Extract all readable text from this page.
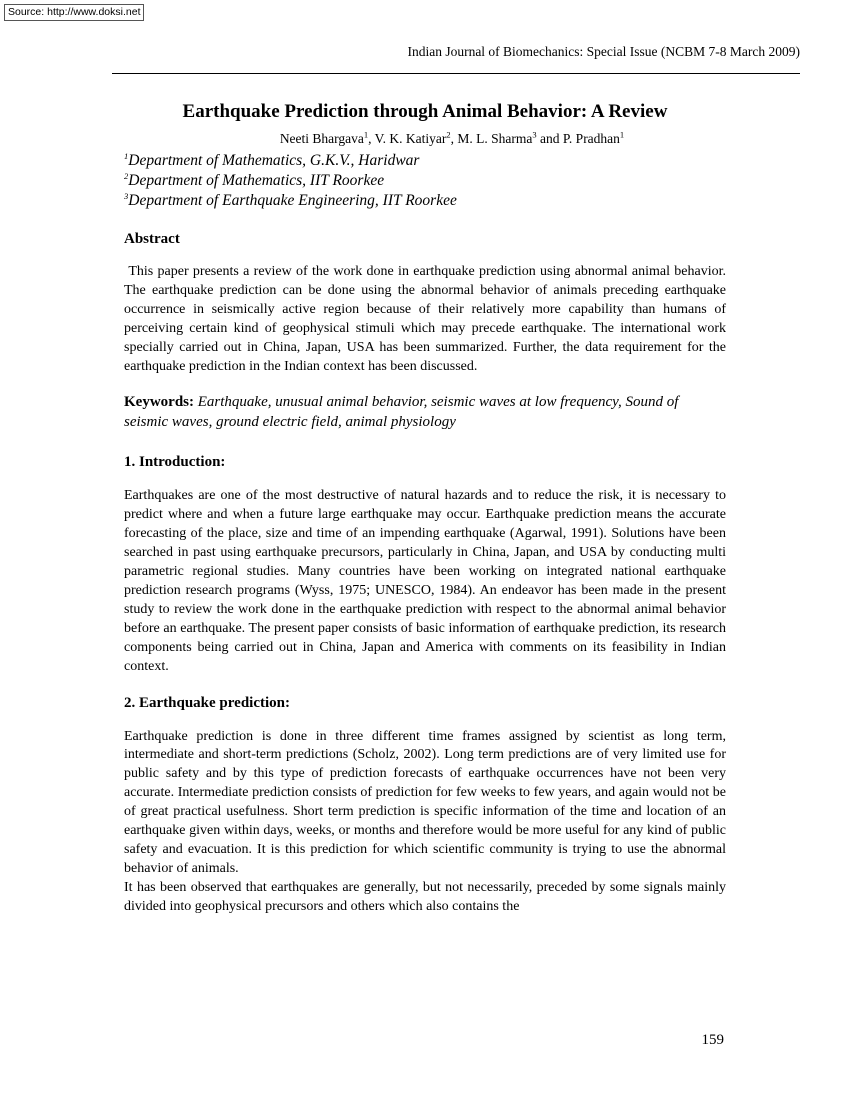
Source: http://www.doksi.net
Indian Journal of Biomechanics: Special Issue (NCBM 7-8 March 2009)
Earthquake Prediction through Animal Behavior: A Review
Neeti Bhargava$^1$, V. K. Katiyar$^2$, M. L. Sharma$^3$ and P. Pradhan$^1$
$^1$Department of Mathematics, G.K.V., Haridwar
$^2$Department of Mathematics, IIT Roorkee
$^3$Department of Earthquake Engineering, IIT Roorkee
Abstract

This paper presents a review of the work done in earthquake prediction using abnormal animal behavior. The earthquake prediction can be done using the abnormal behavior of animals preceding earthquake occurrence in seismically active region because of their relatively more capability than humans of perceiving certain kind of geophysical stimuli which may precede earthquake. The international work specially carried out in China, Japan, USA has been summarized. Further, the data requirement for the earthquake prediction in the Indian context has been discussed.

Keywords: Earthquake, unusual animal behavior, seismic waves at low frequency, Sound of seismic waves, ground electric field, animal physiology

1. Introduction:

Earthquakes are one of the most destructive of natural hazards and to reduce the risk, it is necessary to predict where and when a future large earthquake may occur. Earthquake prediction means the accurate forecasting of the place, size and time of an impending earthquake (Agarwal, 1991). Solutions have been searched in past using earthquake precursors, particularly in China, Japan, and USA by conducting multi parametric regional studies. Many countries have been working on integrated national earthquake prediction research programs (Wyss, 1975; UNESCO, 1984). An endeavor has been made in the present study to review the work done in the earthquake prediction with respect to the abnormal animal behavior before an earthquake. The present paper consists of basic information of earthquake prediction, its research components being carried out in China, Japan and America with comments on its feasibility in Indian context.

2. Earthquake prediction:

Earthquake prediction is done in three different time frames assigned by scientist as long term, intermediate and short-term predictions (Scholz, 2002). Long term predictions are of very limited use for public safety and by this type of prediction forecasts of earthquake occurrences have not been very accurate. Intermediate prediction consists of prediction for few weeks to few years, and again would not be of great practical usefulness. Short term prediction is specific information of the time and location of an earthquake given within days, weeks, or months and therefore would be more useful for any kind of public safety and evacuation. It is this prediction for which scientific community is trying to use the abnormal behavior of animals.

It has been observed that earthquakes are generally, but not necessarily, preceded by some signals mainly divided into geophysical precursors and others which also contains the

159
